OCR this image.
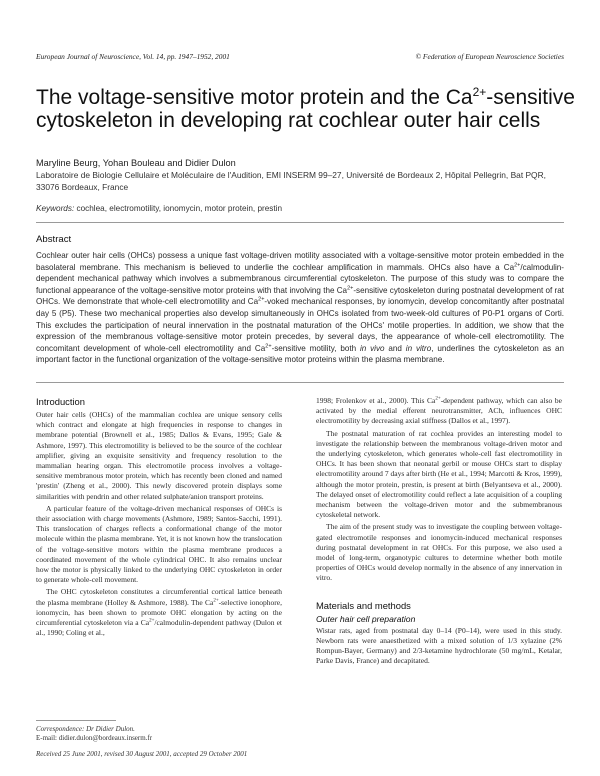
European Journal of Neuroscience, Vol. 14, pp. 1947–1952, 2001	© Federation of European Neuroscience Societies
The voltage-sensitive motor protein and the $Ca^{2+}$-sensitive
cytoskeleton in developing rat cochlear outer hair cells
Maryline Beurg, Yohan Bouleau and Didier Dulon
Laboratoire de Biologie Cellulaire et Moléculaire de l'Audition, EMI INSERM 99–27, Université de Bordeaux 2, Hôpital Pellegrin, Bat PQR, 33076 Bordeaux, France
Keywords: cochlea, electromotility, ionomycin, motor protein, prestin
Abstract

Cochlear outer hair cells (OHCs) possess a unique fast voltage-driven motility associated with a voltage-sensitive motor protein embedded in the basolateral membrane. This mechanism is believed to underlie the cochlear amplification in mammals. OHCs also have a $Ca^{2+}/calmodulin$-dependent mechanical pathway which involves a submembranous circumferential cytoskeleton. The purpose of this study was to compare the functional appearance of the voltage-sensitive motor proteins with that involving the $Ca^{2+}$-sensitive cytoskeleton during postnatal development of rat OHCs. We demonstrate that whole-cell electromotility and $Ca^{2+}$-voked mechanical responses, by ionomycin, develop concomitantly after postnatal day 5 (P5). These two mechanical properties also develop simultaneously in OHCs isolated from two-week-old cultures of P0-P1 organs of Corti. This excludes the participation of neural innervation in the postnatal maturation of the OHCs' motile properties. In addition, we show that the expression of the membranous voltage-sensitive motor protein precedes, by several days, the appearance of whole-cell electromotility. The concomitant development of whole-cell electromotility and $Ca^{2+}$-sensitive motility, both in vivo and in vitro, underlines the cytoskeleton as an important factor in the functional organization of the voltage-sensitive motor proteins within the plasma membrane.

Introduction

Outer hair cells (OHCs) of the mammalian cochlea are unique sensory cells which contract and elongate at high frequencies in response to changes in membrane potential (Brownell et al., 1985; Dallos & Evans, 1995; Gale & Ashmore, 1997). This electromotility is believed to be the source of the cochlear amplifier, giving an exquisite sensitivity and frequency resolution to the mammalian hearing organ. This electromotile process involves a voltage-sensitive membranous motor protein, which has recently been cloned and named 'prestin' (Zheng et al., 2000). This newly discovered protein displays some similarities with pendrin and other related sulphate/anion transport proteins.

A particular feature of the voltage-driven mechanical responses of OHCs is their association with charge movements (Ashmore, 1989; Santos-Sacchi, 1991). This translocation of charges reflects a conformational change of the motor molecule within the plasma membrane. Yet, it is not known how the translocation of the voltage-sensitive motors within the plasma membrane produces a coordinated movement of the whole cylindrical OHC. It also remains unclear how the motor is physically linked to the underlying OHC cytoskeleton in order to generate whole-cell movement.

The OHC cytoskeleton constitutes a circumferential cortical lattice beneath the plasma membrane (Holley & Ashmore, 1988). The $Ca^{2+}$-selective ionophore, ionomycin, has been shown to promote OHC elongation by acting on the circumferential cytoskeleton via a $Ca^{2+}/calmodulin$-dependent pathway (Dulon et al., 1990; Coling et al.,

1998; Frolenkov et al., 2000). This $Ca^{2+}$-dependent pathway, which can also be activated by the medial efferent neurotransmitter, ACh, influences OHC electromotility by decreasing axial stiffness (Dallos et al., 1997).

The postnatal maturation of rat cochlea provides an interesting model to investigate the relationship between the membranous voltage-driven motor and the underlying cytoskeleton, which generates whole-cell fast electromotility in OHCs. It has been shown that neonatal gerbil or mouse OHCs start to display electromotility around 7 days after birth (He et al., 1994; Marcotti & Kros, 1999), although the motor protein, prestin, is present at birth (Belyantseva et al., 2000). The delayed onset of electromotility could reflect a late acquisition of a coupling mechanism between the voltage-driven motor and the submembranous cytoskeletal network.

The aim of the present study was to investigate the coupling between voltage-gated electromotile responses and ionomycin-induced mechanical responses during postnatal development in rat OHCs. For this purpose, we also used a model of long-term, organotypic cultures to determine whether both motile properties of OHCs would develop normally in the absence of any innervation in vitro.

Materials and methods
Outer hair cell preparation

Wistar rats, aged from postnatal day 0–14 (P0–14), were used in this study. Newborn rats were anaesthetized with a mixed solution of 1/3 xylazine (2% Rompun-Bayer, Germany) and 2/3-ketamine hydrochlorate (50 mg/mL, Ketalar, Parke Davis, France) and decapitated.

Correspondence: Dr Didier Dulon.
E-mail: didier.dulon@bordeaux.inserm.fr
Received 25 June 2001, revised 30 August 2001, accepted 29 October 2001
